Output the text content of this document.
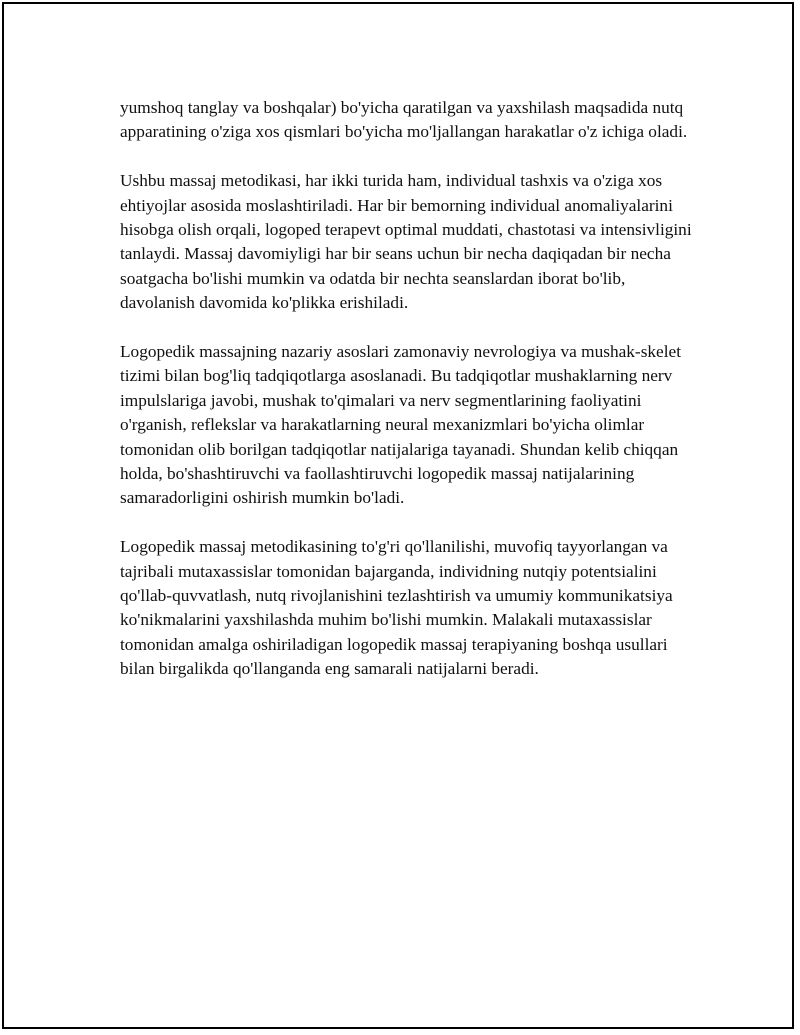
yumshoq tanglay va boshqalar) bo'yicha qaratilgan va yaxshilash maqsadida nutq apparatining o'ziga xos qismlari bo'yicha mo'ljallangan harakatlar o'z ichiga oladi.

Ushbu massaj metodikasi, har ikki turida ham, individual tashxis va o'ziga xos ehtiyojlar asosida moslashtiriladi. Har bir bemorning individual anomaliyalarini hisobga olish orqali, logoped terapevt optimal muddati, chastotasi va intensivligini tanlaydi. Massaj davomiyligi har bir seans uchun bir necha daqiqadan bir necha soatgacha bo'lishi mumkin va odatda bir nechta seanslardan iborat bo'lib, davolanish davomida ko'plikka erishiladi.

Logopedik massajning nazariy asoslari zamonaviy nevrologiya va mushak-skelet tizimi bilan bog'liq tadqiqotlarga asoslanadi. Bu tadqiqotlar mushaklarning nerv impulslariga javobi, mushak to'qimalari va nerv segmentlarining faoliyatini o'rganish, reflekslar va harakatlarning neural mexanizmlari bo'yicha olimlar tomonidan olib borilgan tadqiqotlar natijalariga tayanadi. Shundan kelib chiqqan holda, bo'shashtiruvchi va faollashtiruvchi logopedik massaj natijalarining samaradorligini oshirish mumkin bo'ladi.

Logopedik massaj metodikasining to'g'ri qo'llanilishi, muvofiq tayyorlangan va tajribali mutaxassislar tomonidan bajarganda, individning nutqiy potentsialini qo'llab-quvvatlash, nutq rivojlanishini tezlashtirish va umumiy kommunikatsiya ko'nikmalarini yaxshilashda muhim bo'lishi mumkin. Malakali mutaxassislar tomonidan amalga oshiriladigan logopedik massaj terapiyaning boshqa usullari bilan birgalikda qo'llanganda eng samarali natijalarni beradi.
